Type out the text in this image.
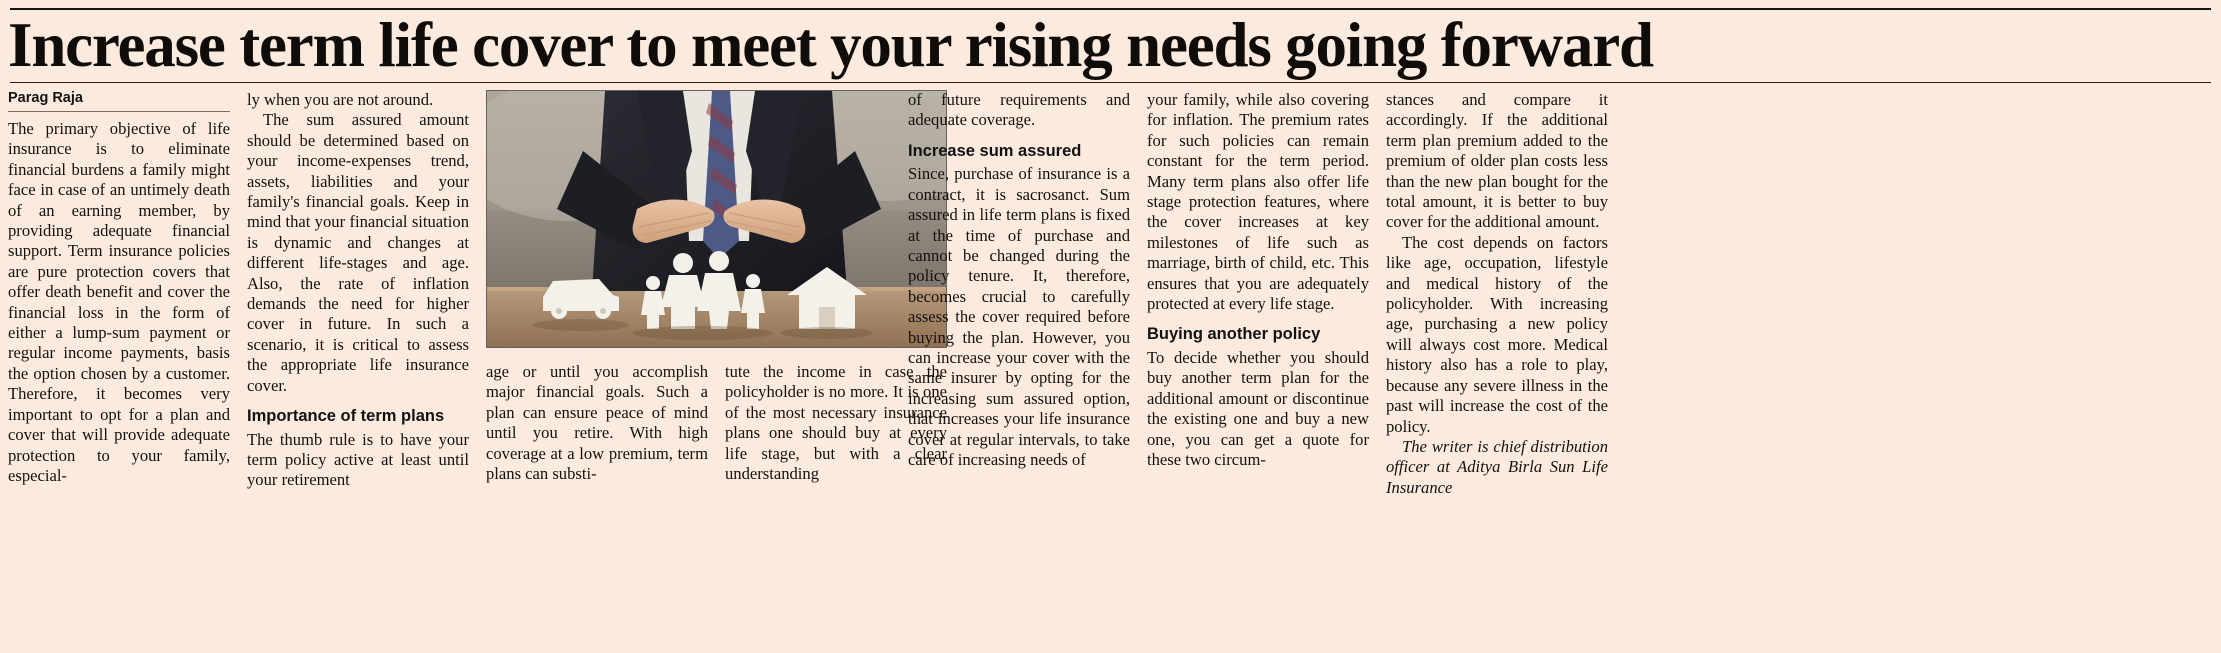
Increase term life cover to meet your rising needs going forward
Parag Raja

The primary objective of life insurance is to eliminate financial burdens a family might face in case of an untimely death of an earning member, by providing adequate financial support. Term insurance policies are pure protection covers that offer death benefit and cover the financial loss in the form of either a lump-sum payment or regular income payments, basis the option chosen by a customer. Therefore, it becomes very important to opt for a plan and cover that will provide adequate protection to your family, especial-

ly when you are not around.

The sum assured amount should be determined based on your income-expenses trend, assets, liabilities and your family's financial goals. Keep in mind that your financial situation is dynamic and changes at different life-stages and age. Also, the rate of inflation demands the need for higher cover in future. In such a scenario, it is critical to assess the appropriate life insurance cover.

Importance of term plans

The thumb rule is to have your term policy active at least until your retirement

age or until you accomplish major financial goals. Such a plan can ensure peace of mind until you retire. With high coverage at a low premium, term plans can substi-

tute the income in case the policyholder is no more. It is one of the most necessary insurance plans one should buy at every life stage, but with a clear understanding

of future requirements and adequate coverage.

Increase sum assured

Since, purchase of insurance is a contract, it is sacrosanct. Sum assured in life term plans is fixed at the time of purchase and cannot be changed during the policy tenure. It, therefore, becomes crucial to carefully assess the cover required before buying the plan. However, you can increase your cover with the same insurer by opting for the increasing sum assured option, that increases your life insurance cover at regular intervals, to take care of increasing needs of

your family, while also covering for inflation. The premium rates for such policies can remain constant for the term period. Many term plans also offer life stage protection features, where the cover increases at key milestones of life such as marriage, birth of child, etc. This ensures that you are adequately protected at every life stage.

Buying another policy

To decide whether you should buy another term plan for the additional amount or discontinue the existing one and buy a new one, you can get a quote for these two circum-

stances and compare it accordingly. If the additional term plan premium added to the premium of older plan costs less than the new plan bought for the total amount, it is better to buy cover for the additional amount.

The cost depends on factors like age, occupation, lifestyle and medical history of the policyholder. With increasing age, purchasing a new policy will always cost more. Medical history also has a role to play, because any severe illness in the past will increase the cost of the policy.

The writer is chief distribution officer at Aditya Birla Sun Life Insurance
